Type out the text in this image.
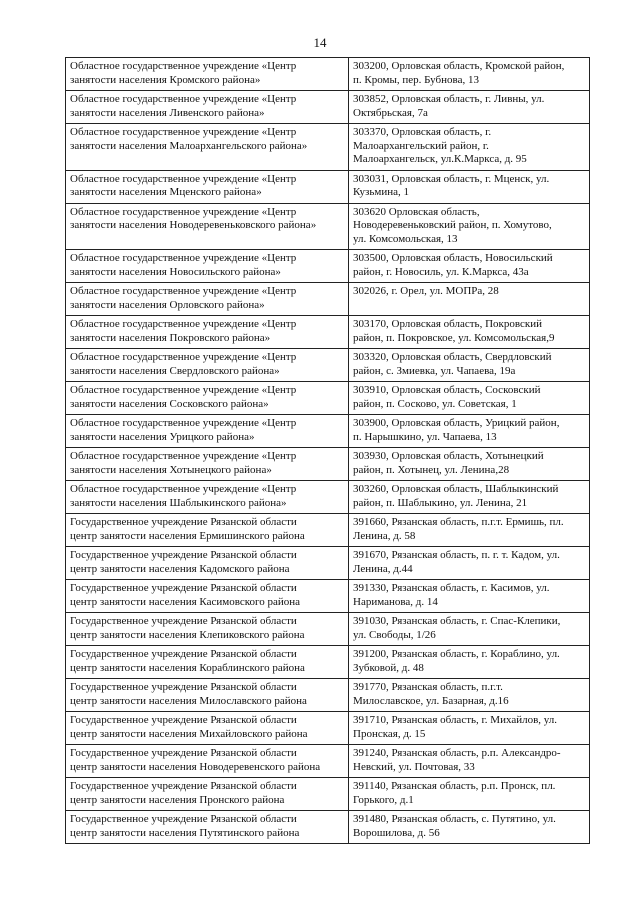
14
Областное государственное учреждение «Центр
занятости населения Кромского района»	303200, Орловская область, Кромской район,
п. Кромы, пер. Бубнова, 13

Областное государственное учреждение «Центр
занятости населения Ливенского района»	303852, Орловская область, г. Ливны, ул.
Октябрьская, 7а

Областное государственное учреждение «Центр
занятости населения Малоархангельского района»	303370, Орловская область, г.
Малоархангельский район, г.
Малоархангельск, ул.К.Маркса, д. 95

Областное государственное учреждение «Центр
занятости населения Мценского района»	303031, Орловская область, г. Мценск, ул.
Кузьмина, 1

Областное государственное учреждение «Центр
занятости населения Новодеревеньковского района»	303620 Орловская область,
Новодеревеньковский район, п. Хомутово,
ул. Комсомольская, 13

Областное государственное учреждение «Центр
занятости населения Новосильского района»	303500, Орловская область, Новосильский
район, г. Новосиль, ул. К.Маркса, 43а

Областное государственное учреждение «Центр
занятости населения Орловского района»	302026, г. Орел, ул. МОПРа, 28

Областное государственное учреждение «Центр
занятости населения Покровского района»	303170, Орловская область, Покровский
район, п. Покровское, ул. Комсомольская,9

Областное государственное учреждение «Центр
занятости населения Свердловского района»	303320, Орловская область, Свердловский
район, с. Змиевка, ул. Чапаева, 19а

Областное государственное учреждение «Центр
занятости населения Сосковского района»	303910, Орловская область, Сосковский
район, п. Сосково, ул. Советская, 1

Областное государственное учреждение «Центр
занятости населения Урицкого района»	303900, Орловская область, Урицкий район,
п. Нарышкино, ул. Чапаева, 13

Областное государственное учреждение «Центр
занятости населения Хотынецкого района»	303930, Орловская область, Хотынецкий
район, п. Хотынец, ул. Ленина,28

Областное государственное учреждение «Центр
занятости населения Шаблыкинского района»	303260, Орловская область, Шаблыкинский
район, п. Шаблыкино, ул. Ленина, 21

Государственное учреждение Рязанской области
центр занятости населения Ермишинского района	391660, Рязанская область, п.г.т. Ермишь, пл.
Ленина, д. 58

Государственное учреждение Рязанской области
центр занятости населения Кадомского района	391670, Рязанская область, п. г. т. Кадом, ул.
Ленина, д.44

Государственное учреждение Рязанской области
центр занятости населения Касимовского района	391330, Рязанская область, г. Касимов, ул.
Нариманова, д. 14

Государственное учреждение Рязанской области
центр занятости населения Клепиковского района	391030, Рязанская область, г. Спас-Клепики,
ул. Свободы, 1/26

Государственное учреждение Рязанской области
центр занятости населения Кораблинского района	391200, Рязанская область, г. Кораблино, ул.
Зубковой, д. 48

Государственное учреждение Рязанской области
центр занятости населения Милославского района	391770, Рязанская область, п.г.т.
Милославское, ул. Базарная, д.16

Государственное учреждение Рязанской области
центр занятости населения Михайловского района	391710, Рязанская область, г. Михайлов, ул.
Пронская, д. 15

Государственное учреждение Рязанской области
центр занятости населения Новодеревенского района	391240, Рязанская область, р.п. Александро-
Невский, ул. Почтовая, 33

Государственное учреждение Рязанской области
центр занятости населения Пронского района	391140, Рязанская область, р.п. Пронск, пл.
Горького, д.1

Государственное учреждение Рязанской области
центр занятости населения Путятинского района	391480, Рязанская область, с. Путятино, ул.
Ворошилова, д. 56
